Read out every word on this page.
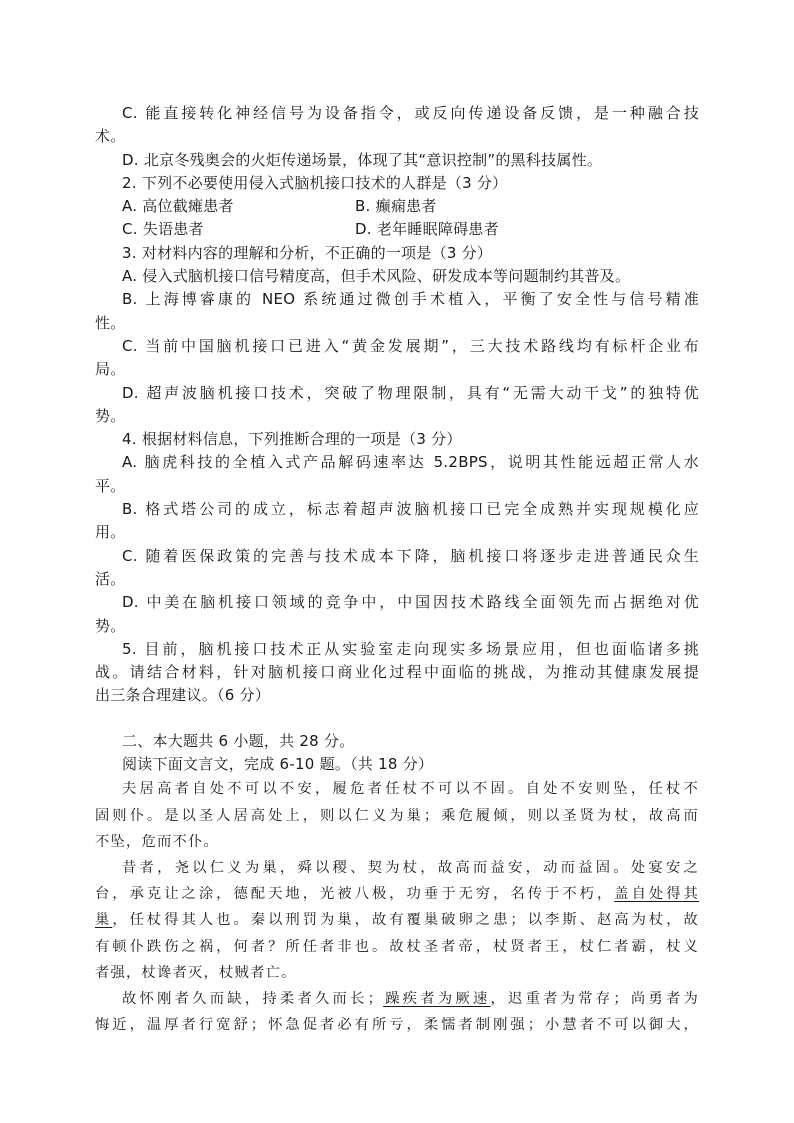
C. 能直接转化神经信号为设备指令，或反向传递设备反馈，是一种融合技
术。
D. 北京冬残奥会的火炬传递场景，体现了其“意识控制”的黑科技属性。
2. 下列不必要使用侵入式脑机接口技术的人群是（3 分）
A. 高位截瘫患者	B. 癫痫患者
C. 失语患者	D. 老年睡眠障碍患者
3. 对材料内容的理解和分析，不正确的一项是（3 分）
A. 侵入式脑机接口信号精度高，但手术风险、研发成本等问题制约其普及。
B. 上海博睿康的 NEO 系统通过微创手术植入，平衡了安全性与信号精准
性。
C. 当前中国脑机接口已进入“黄金发展期”，三大技术路线均有标杆企业布
局。
D. 超声波脑机接口技术，突破了物理限制，具有“无需大动干戈”的独特优
势。
4. 根据材料信息，下列推断合理的一项是（3 分）
A. 脑虎科技的全植入式产品解码速率达 5.2BPS，说明其性能远超正常人水
平。
B. 格式塔公司的成立，标志着超声波脑机接口已完全成熟并实现规模化应
用。
C. 随着医保政策的完善与技术成本下降，脑机接口将逐步走进普通民众生
活。
D. 中美在脑机接口领域的竞争中，中国因技术路线全面领先而占据绝对优
势。
5. 目前，脑机接口技术正从实验室走向现实多场景应用，但也面临诸多挑
战。请结合材料，针对脑机接口商业化过程中面临的挑战，为推动其健康发展提
出三条合理建议。（6 分）
二、本大题共 6 小题，共 28 分。
阅读下面文言文，完成 6-10 题。（共 18 分）
夫居高者自处不可以不安，履危者任杖不可以不固。自处不安则坠，任杖不
固则仆。是以圣人居高处上，则以仁义为巢；乘危履倾，则以圣贤为杖，故高而
不坠，危而不仆。
昔者，尧以仁义为巢，舜以稷、契为杖，故高而益安，动而益固。处宴安之
台，承克让之涂，德配天地，光被八极，功垂于无穷，名传于不朽，盖自处得其
巢，任杖得其人也。秦以刑罚为巢，故有覆巢破卵之患；以李斯、赵高为杖，故
有顿仆跌伤之祸，何者？所任者非也。故杖圣者帝，杖贤者王，杖仁者霸，杖义
者强，杖谗者灭，杖贼者亡。
故怀刚者久而缺，持柔者久而长；躁疾者为厥速，迟重者为常存；尚勇者为
悔近，温厚者行宽舒；怀急促者必有所亏，柔懦者制刚强；小慧者不可以御大，
